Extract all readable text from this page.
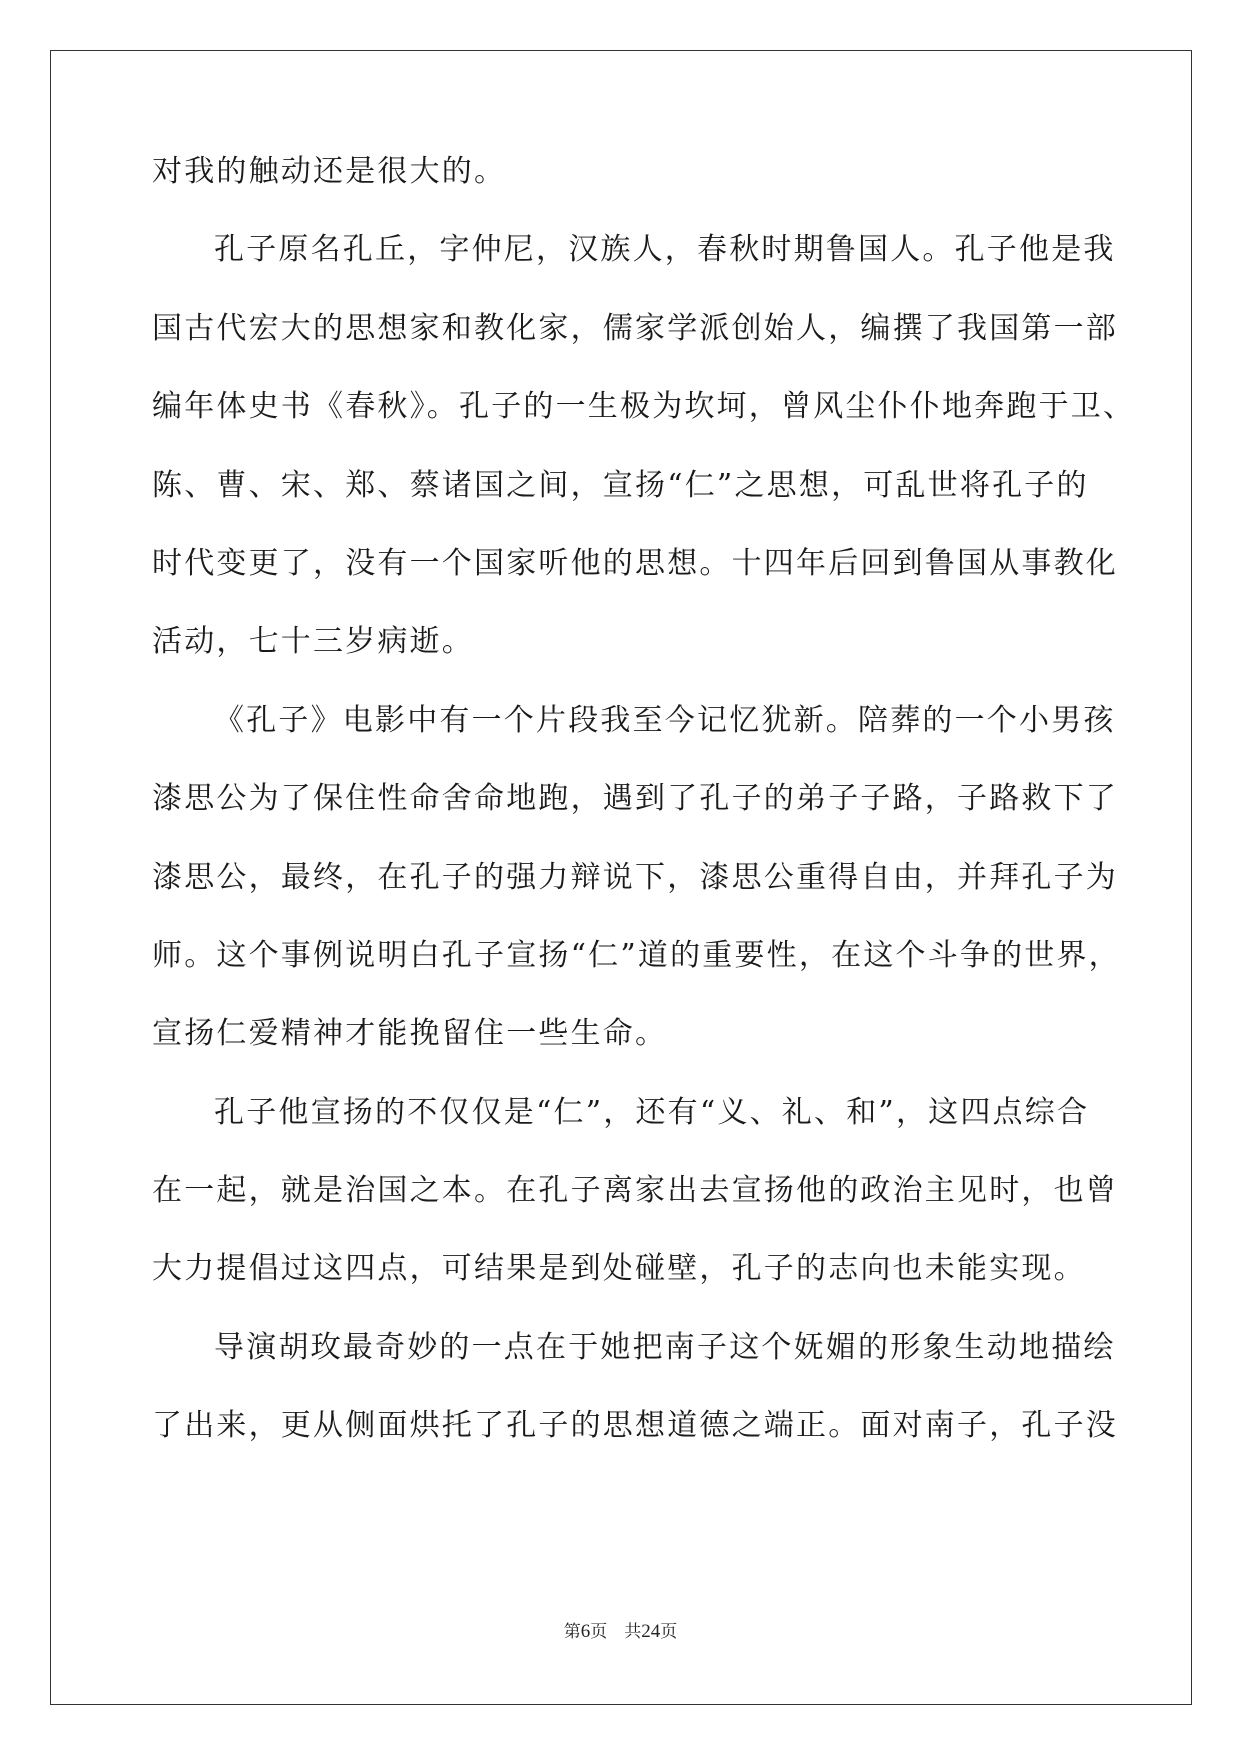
对我的触动还是很大的。
孔子原名孔丘，字仲尼，汉族人，春秋时期鲁国人。孔子他是我
国古代宏大的思想家和教化家，儒家学派创始人，编撰了我国第一部
编年体史书《春秋》。孔子的一生极为坎坷，曾风尘仆仆地奔跑于卫、
陈、曹、宋、郑、蔡诸国之间，宣扬“仁”之思想，可乱世将孔子的
时代变更了，没有一个国家听他的思想。十四年后回到鲁国从事教化
活动，七十三岁病逝。
《孔子》电影中有一个片段我至今记忆犹新。陪葬的一个小男孩
漆思公为了保住性命舍命地跑，遇到了孔子的弟子子路，子路救下了
漆思公，最终，在孔子的强力辩说下，漆思公重得自由，并拜孔子为
师。这个事例说明白孔子宣扬“仁”道的重要性，在这个斗争的世界，
宣扬仁爱精神才能挽留住一些生命。
孔子他宣扬的不仅仅是“仁”，还有“义、礼、和”，这四点综合
在一起，就是治国之本。在孔子离家出去宣扬他的政治主见时，也曾
大力提倡过这四点，可结果是到处碰壁，孔子的志向也未能实现。
导演胡玫最奇妙的一点在于她把南子这个妩媚的形象生动地描绘
了出来，更从侧面烘托了孔子的思想道德之端正。面对南子，孔子没
第6页  共24页
